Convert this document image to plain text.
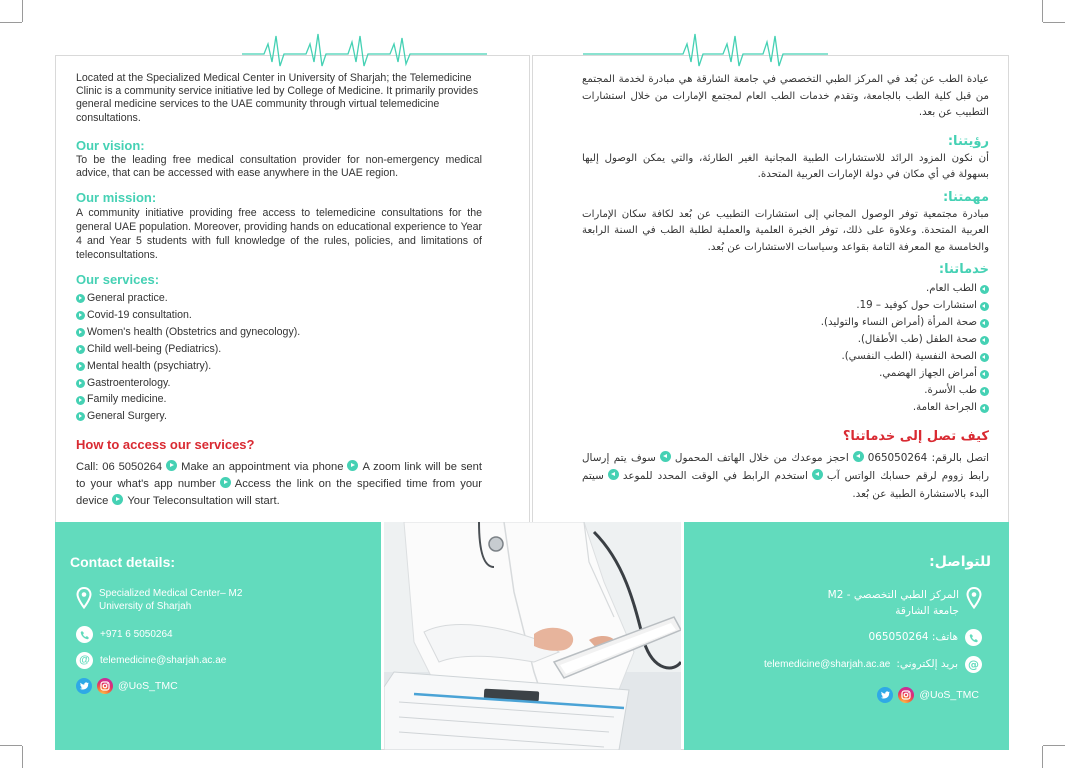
Located at the Specialized Medical Center in University of Sharjah; the Telemedicine Clinic is a community service initiative led by College of Medicine. It primarily provides general medicine services to the UAE community through virtual telemedicine consultations.

Our vision:

To be the leading free medical consultation provider for non-emergency medical advice, that can be accessed with ease anywhere in the UAE region.

Our mission:

A community initiative providing free access to telemedicine consultations for the general UAE population. Moreover, providing hands on educational experience to Year 4 and Year 5 students with full knowledge of the rules, policies, and limitations of teleconsultations.

Our services:
General practice.
Covid-19 consultation.
Women's health (Obstetrics and gynecology).
Child well-being (Pediatrics).
Mental health (psychiatry).
Gastroenterology.
Family medicine.
General Surgery.
How to access our services?

Call: 06 5050264 Make an appointment via phone A zoom link will be sent to your what's app number Access the link on the specified time from your device Your Teleconsultation will start.

عيادة الطب عن بُعد في المركز الطبي التخصصي في جامعة الشارقة هي مبادرة لخدمة المجتمع من قبل كلية الطب بالجامعة، وتقدم خدمات الطب العام لمجتمع الإمارات من خلال استشارات التطبيب عن بعد.

رؤيتنا:

أن نكون المزود الرائد للاستشارات الطبية المجانية الغير الطارئة، والتي يمكن الوصول إليها بسهولة في أي مكان في دولة الإمارات العربية المتحدة.

مهمتنا:

مبادرة مجتمعية توفر الوصول المجاني إلى استشارات التطبيب عن بُعد لكافة سكان الإمارات العربية المتحدة. وعلاوة على ذلك، توفر الخبرة العلمية والعملية لطلبة الطب في السنة الرابعة والخامسة مع المعرفة التامة بقواعد وسياسات الاستشارات عن بُعد.

خدماتنا:
الطب العام.
استشارات حول كوفيد – 19.
صحة المرأة (أمراض النساء والتوليد).
صحة الطفل (طب الأطفال).
الصحة النفسية (الطب النفسي).
أمراض الجهاز الهضمي.
طب الأسرة.
الجراحة العامة.
كيف تصل إلى خدماتنا؟

اتصل بالرقم: 065050264احجز موعدك من خلال الهاتف المحمولسوف يتم إرسال رابط زووم لرقم حسابك الواتس آباستخدم الرابط في الوقت المحدد للموعدسيتم البدء بالاستشارة الطبية عن بُعد.

Contact details:
Specialized Medical Center– M2
University of Sharjah
+971 6 5050264
@	telemedicine@sharjah.ac.ae
@UoS_TMC
للتواصل:
المركز الطبي التخصصي - M2
جامعة الشارقة
هاتف: 065050264
@
بريد إلكتروني:
telemedicine@sharjah.ac.ae
@UoS_TMC
